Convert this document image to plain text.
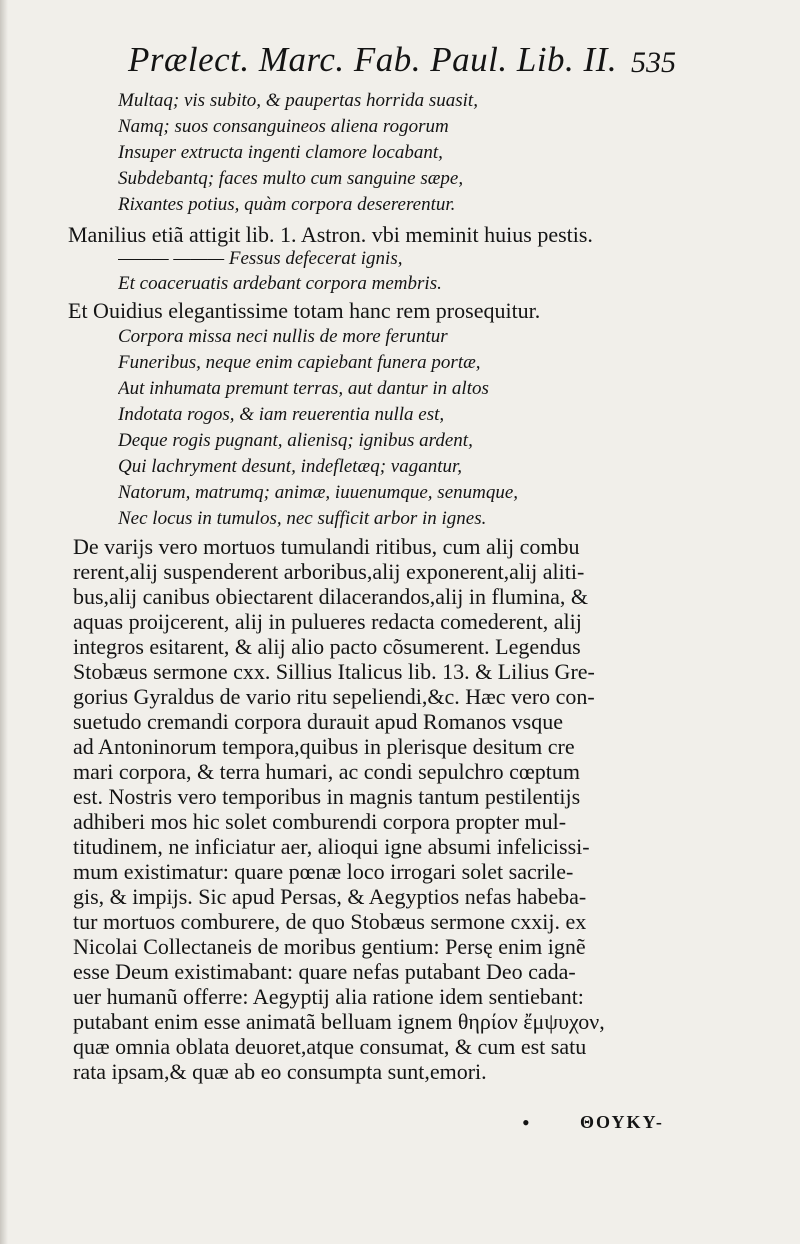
Prælect. Marc. Fab. Paul. Lib. II. 535
Multaq; vis subito, & paupertas horrida suasit,
Namq; suos consanguineos aliena rogorum
Insuper extructa ingenti clamore locabant,
Subdebantq; faces multo cum sanguine sæpe,
Rixantes potius, quàm corpora desererentur.
Manilius etiã attigit lib. 1. Astron. vbi meminit huius pestis.
——— ——— Fessus defecerat ignis,
Et coaceruatis ardebant corpora membris.
Et Ouidius elegantissime totam hanc rem prosequitur.
Corpora missa neci nullis de more feruntur
Funeribus, neque enim capiebant funera portæ,
Aut inhumata premunt terras, aut dantur in altos
Indotata rogos, & iam reuerentia nulla est,
Deque rogis pugnant, alienisq; ignibus ardent,
Qui lachryment desunt, indefletæq; vagantur,
Natorum, matrumq; animæ, iuuenumque, senumque,
Nec locus in tumulos, nec sufficit arbor in ignes.
De varijs vero mortuos tumulandi ritibus, cum alij combu
rerent,alij suspenderent arboribus,alij exponerent,alij aliti-
bus,alij canibus obiectarent dilacerandos,alij in flumina, &
aquas proijcerent, alij in pulueres redacta comederent, alij
integros esitarent, & alij alio pacto cõsumerent. Legendus
Stobæus sermone cxx. Sillius Italicus lib. 13. & Lilius Gre-
gorius Gyraldus de vario ritu sepeliendi,&c. Hæc vero con-
suetudo cremandi corpora durauit apud Romanos vsque
ad Antoninorum tempora,quibus in plerisque desitum cre
mari corpora, & terra humari, ac condi sepulchro cœptum
est. Nostris vero temporibus in magnis tantum pestilentijs
adhiberi mos hic solet comburendi corpora propter mul-
titudinem, ne inficiatur aer, alioqui igne absumi infelicissi-
mum existimatur: quare pœnæ loco irrogari solet sacrile-
gis, & impijs. Sic apud Persas, & Aegyptios nefas habeba-
tur mortuos comburere, de quo Stobæus sermone cxxij. ex
Nicolai Collectaneis de moribus gentium: Persę enim ignẽ
esse Deum existimabant: quare nefas putabant Deo cada-
uer humanũ offerre: Aegyptij alia ratione idem sentiebant:
putabant enim esse animatã belluam ignem θηρίον ἔμψυχον,
quæ omnia oblata deuoret,atque consumat, & cum est satu
rata ipsam,& quæ ab eo consumpta sunt,emori.
•	ΘΟΥΚΥ-
